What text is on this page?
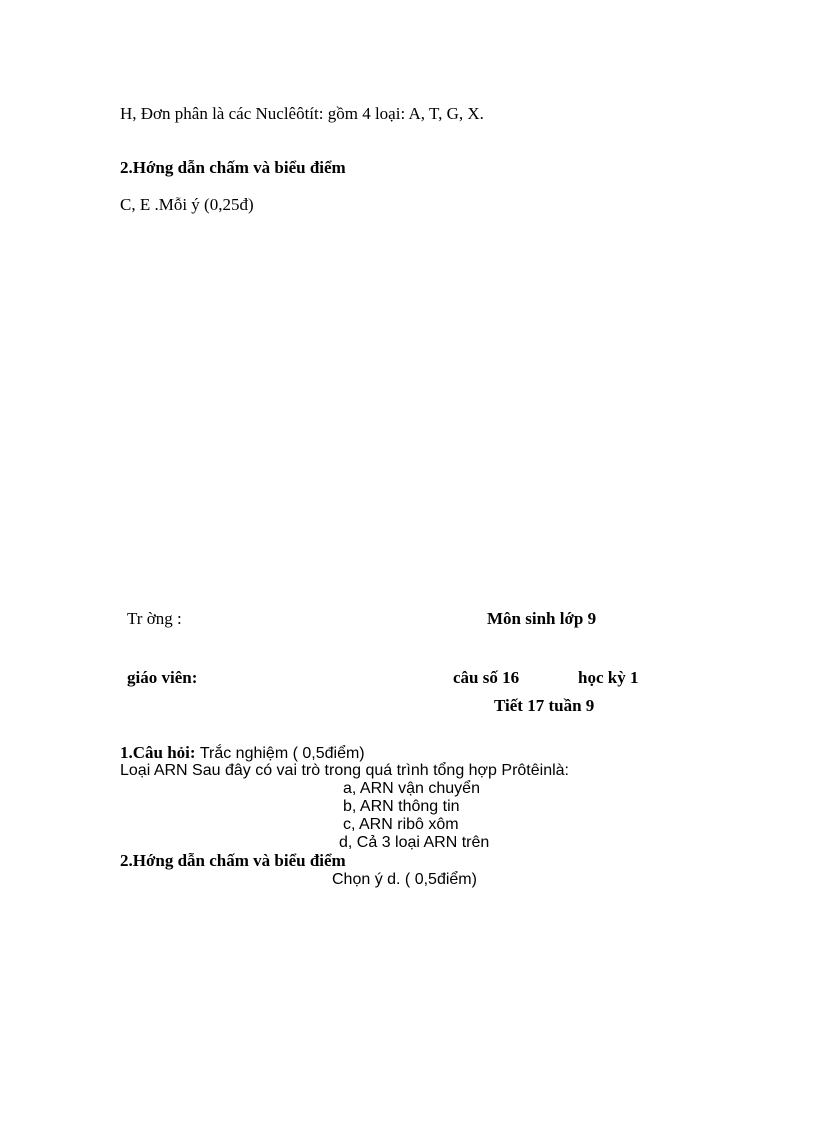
H, Đơn phân là các Nuclêôtít: gồm 4 loại: A, T, G, X.
2.Hớng dẫn chấm và biểu điểm
C, E .Mỗi ý (0,25đ)
Tr ờng :	Môn sinh lớp 9
giáo viên:	câu số 16	học kỳ 1
Tiết 17 tuần 9
1.Câu hỏi: Trắc nghiệm ( 0,5điểm)
Loại ARN Sau đây có vai trò trong quá trình tổng hợp Prôtêinlà:
a, ARN vận chuyển
b, ARN thông tin
c, ARN ribô xôm
d, Cả 3 loại ARN trên
2.Hớng dẫn chấm và biểu điểm
Chọn ý d. ( 0,5điểm)
